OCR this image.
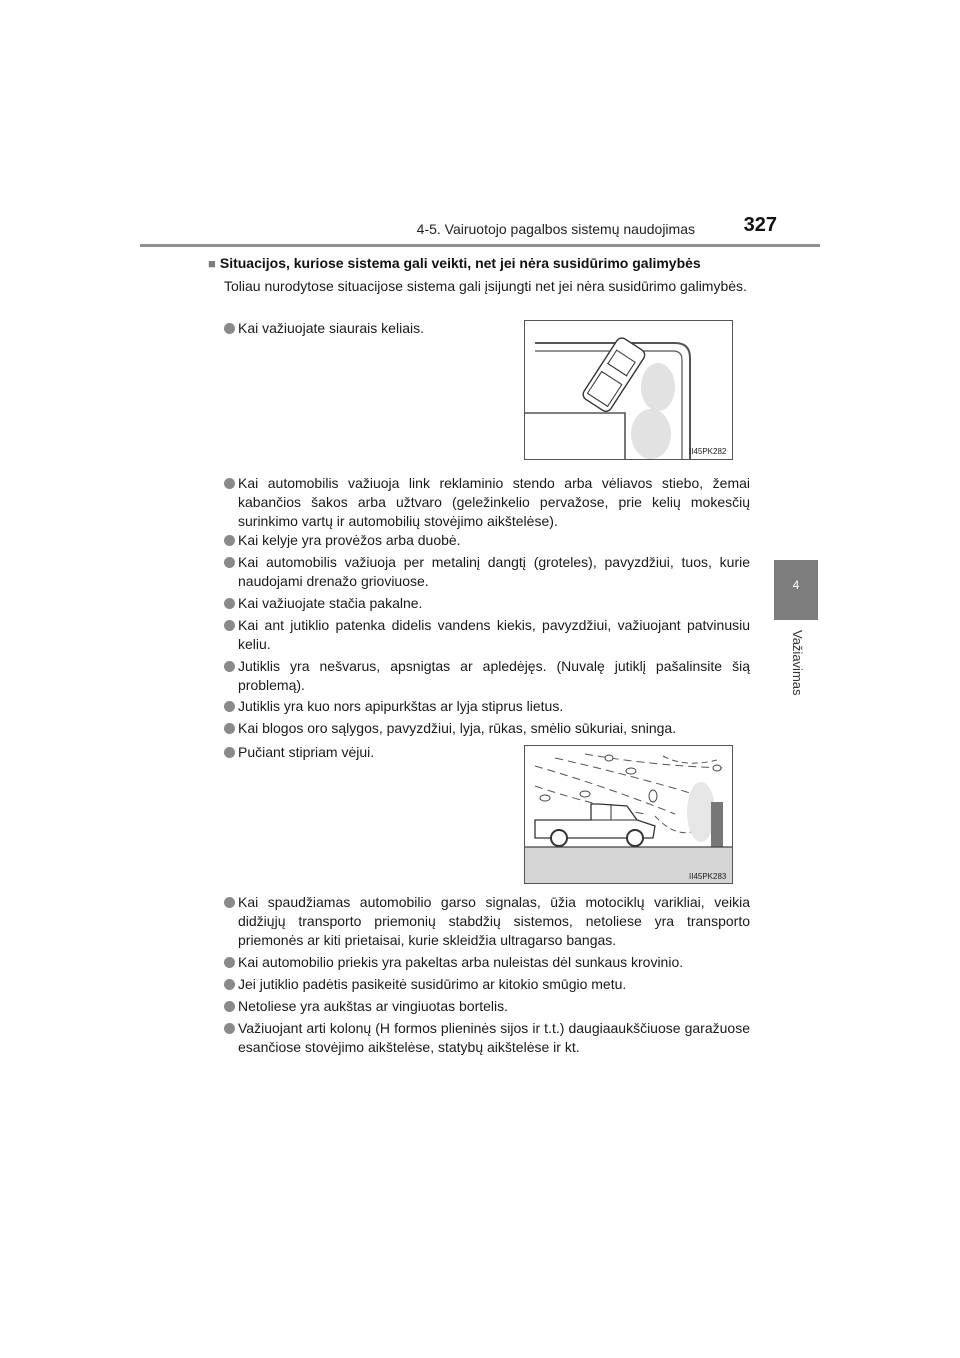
4-5. Vairuotojo pagalbos sistemų naudojimas	327
4
Važiavimas
■ Situacijos, kuriose sistema gali veikti, net jei nėra susidūrimo galimybės
Toliau nurodytose situacijose sistema gali įsijungti net jei nėra susidūrimo galimybės.
Kai važiuojate siaurais keliais.
II45PK282
Kai automobilis važiuoja link reklaminio stendo arba vėliavos stiebo, žemai kabančios šakos arba užtvaro (geležinkelio pervažose, prie kelių mokesčių surinkimo vartų ir automobilių stovėjimo aikštelėse).
Kai kelyje yra provėžos arba duobė.
Kai automobilis važiuoja per metalinį dangtį (groteles), pavyzdžiui, tuos, kurie naudojami drenažo grioviuose.
Kai važiuojate stačia pakalne.
Kai ant jutiklio patenka didelis vandens kiekis, pavyzdžiui, važiuojant patvinusiu keliu.
Jutiklis yra nešvarus, apsnigtas ar apledėjęs. (Nuvalę jutiklį pašalinsite šią problemą).
Jutiklis yra kuo nors apipurkštas ar lyja stiprus lietus.
Kai blogos oro sąlygos, pavyzdžiui, lyja, rūkas, smėlio sūkuriai, sninga.
Pučiant stipriam vėjui.
II45PK283
Kai spaudžiamas automobilio garso signalas, ūžia motociklų varikliai, veikia didžiųjų transporto priemonių stabdžių sistemos, netoliese yra transporto priemonės ar kiti prietaisai, kurie skleidžia ultragarso bangas.
Kai automobilio priekis yra pakeltas arba nuleistas dėl sunkaus krovinio.
Jei jutiklio padėtis pasikeitė susidūrimo ar kitokio smūgio metu.
Netoliese yra aukštas ar vingiuotas bortelis.
Važiuojant arti kolonų (H formos plieninės sijos ir t.t.) daugiaaukščiuose garažuose esančiose stovėjimo aikštelėse, statybų aikštelėse ir kt.
